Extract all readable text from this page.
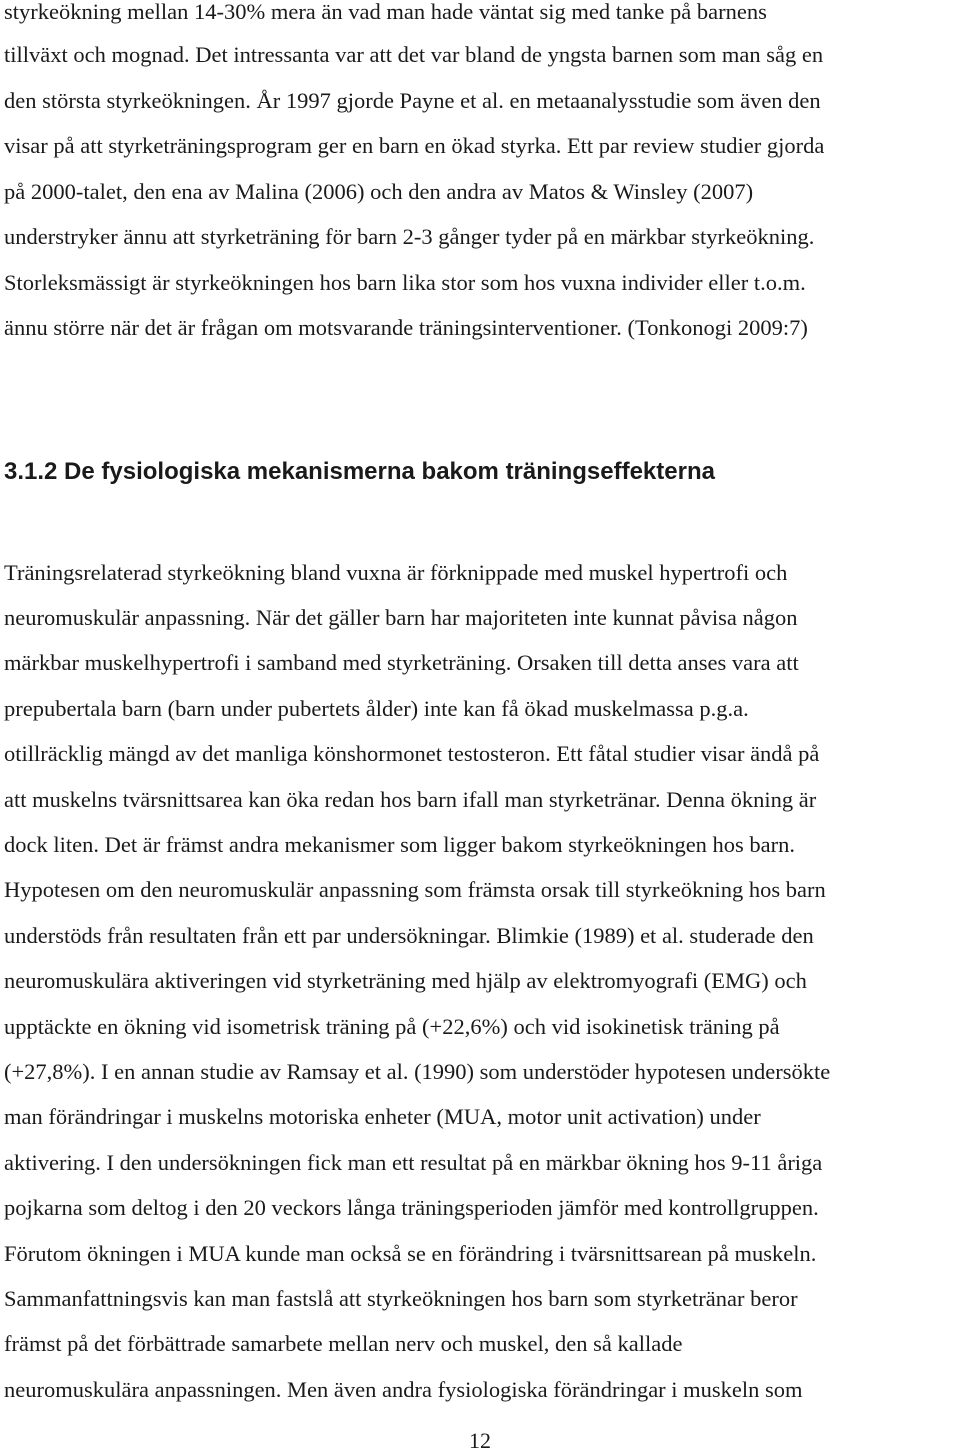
styrkeökning mellan 14-30% mera än vad man hade väntat sig med tanke på barnens
tillväxt och mognad. Det intressanta var att det var bland de yngsta barnen som man såg en
den största styrkeökningen. År 1997 gjorde Payne et al. en metaanalysstudie som även den
visar på att styrketräningsprogram ger en barn en ökad styrka. Ett par review studier gjorda
på 2000-talet, den ena av Malina (2006) och den andra av Matos & Winsley (2007)
understryker ännu att styrketräning för barn 2-3 gånger tyder på en märkbar styrkeökning.
Storleksmässigt är styrkeökningen hos barn lika stor som hos vuxna individer eller t.o.m.
ännu större när det är frågan om motsvarande träningsinterventioner. (Tonkonogi 2009:7)
3.1.2 De fysiologiska mekanismerna bakom träningseffekterna
Träningsrelaterad styrkeökning bland vuxna är förknippade med muskel hypertrofi och
neuromuskulär anpassning. När det gäller barn har majoriteten inte kunnat påvisa någon
märkbar muskelhypertrofi i samband med styrketräning. Orsaken till detta anses vara att
prepubertala barn (barn under pubertets ålder) inte kan få ökad muskelmassa p.g.a.
otillräcklig mängd av det manliga könshormonet testosteron. Ett fåtal studier visar ändå på
att muskelns tvärsnittsarea kan öka redan hos barn ifall man styrketränar. Denna ökning är
dock liten. Det är främst andra mekanismer som ligger bakom styrkeökningen hos barn.
Hypotesen om den neuromuskulär anpassning som främsta orsak till styrkeökning hos barn
understöds från resultaten från ett par undersökningar. Blimkie (1989) et al. studerade den
neuromuskulära aktiveringen vid styrketräning med hjälp av elektromyografi (EMG) och
upptäckte en ökning vid isometrisk träning på (+22,6%) och vid isokinetisk träning på
(+27,8%). I en annan studie av Ramsay et al. (1990) som understöder hypotesen undersökte
man förändringar i muskelns motoriska enheter (MUA, motor unit activation) under
aktivering. I den undersökningen fick man ett resultat på en märkbar ökning hos 9-11 åriga
pojkarna som deltog i den 20 veckors långa träningsperioden jämför med kontrollgruppen.
Förutom ökningen i MUA kunde man också se en förändring i tvärsnittsarean på muskeln.
Sammanfattningsvis kan man fastslå att styrkeökningen hos barn som styrketränar beror
främst på det förbättrade samarbete mellan nerv och muskel, den så kallade
neuromuskulära anpassningen. Men även andra fysiologiska förändringar i muskeln som
12
